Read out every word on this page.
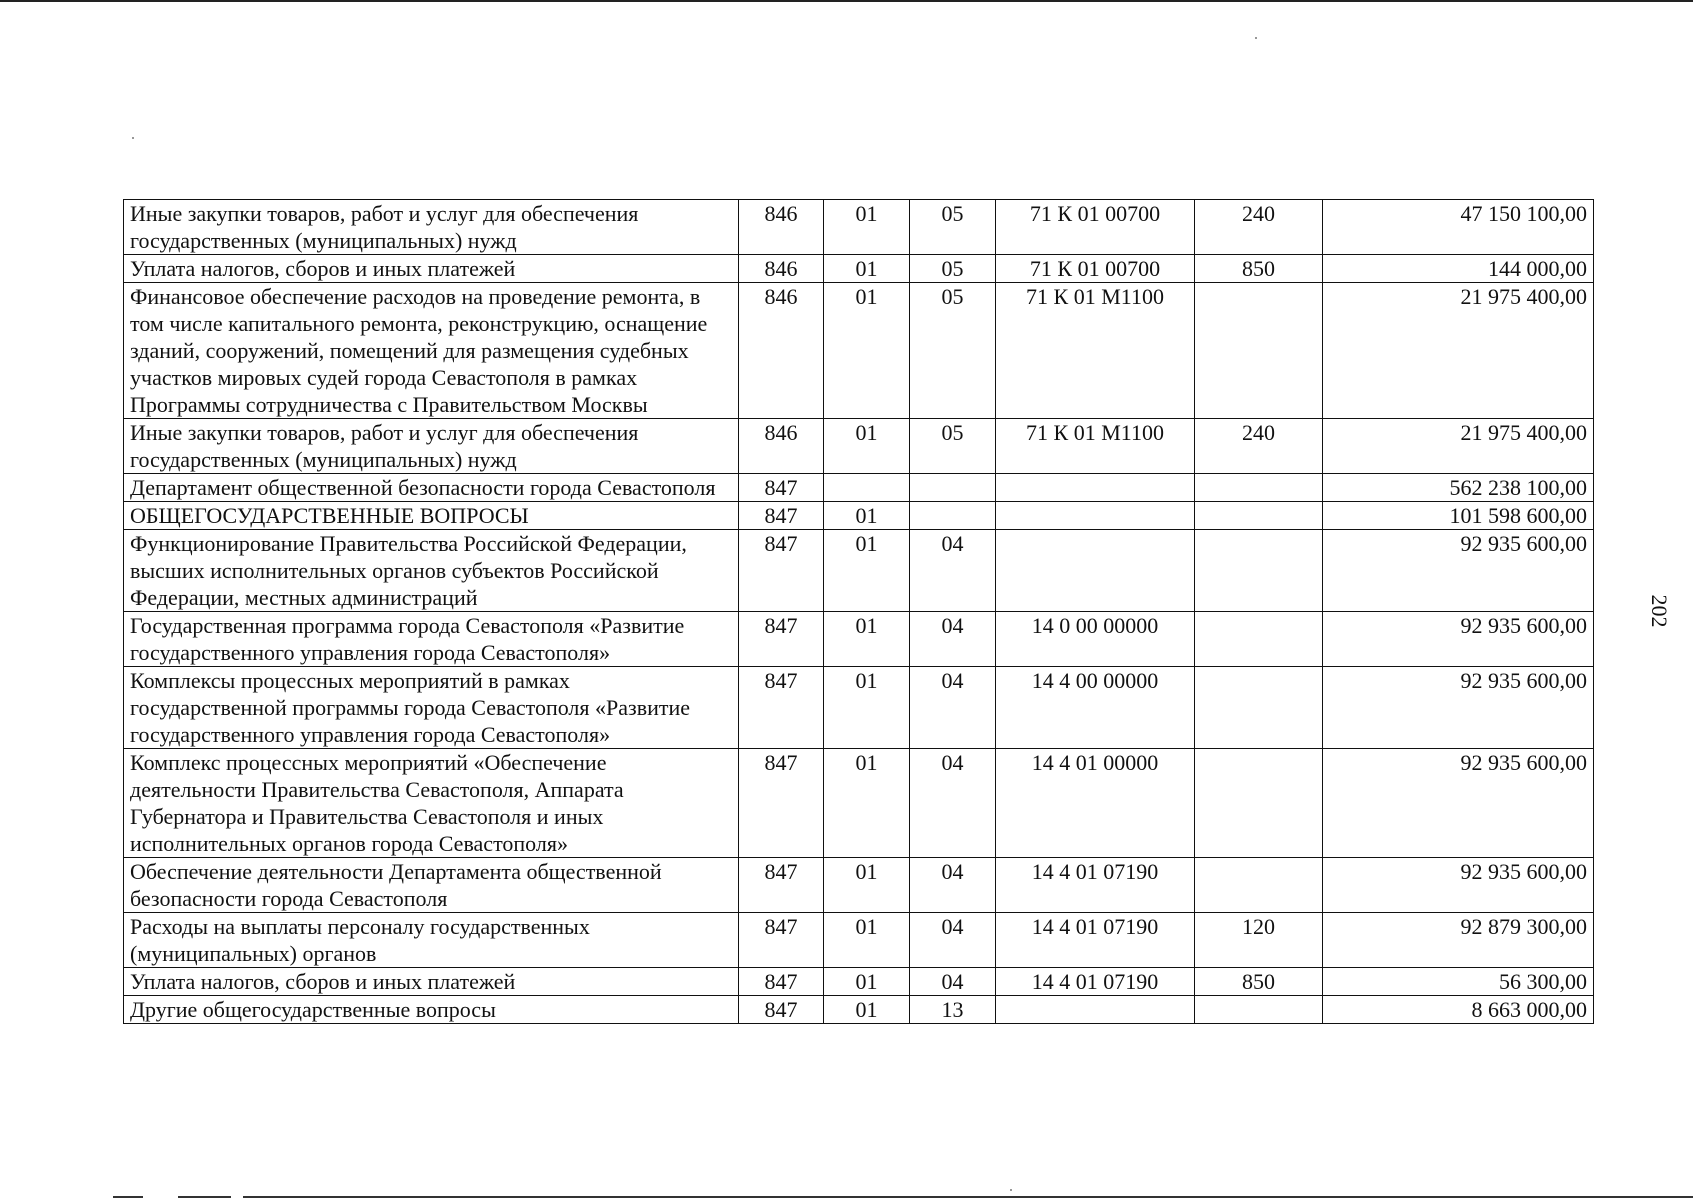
Иные закупки товаров, работ и услуг для обеспечения государственных (муниципальных) нужд	846	01	05	71 К 01 00700	240	47 150 100,00
Уплата налогов, сборов и иных платежей	846	01	05	71 К 01 00700	850	144 000,00
Финансовое обеспечение расходов на проведение ремонта, в том числе капитального ремонта, реконструкцию, оснащение зданий, сооружений, помещений для размещения судебных участков мировых судей города Севастополя в рамках Программы сотрудничества с Правительством Москвы	846	01	05	71 К 01 М1100		21 975 400,00
Иные закупки товаров, работ и услуг для обеспечения государственных (муниципальных) нужд	846	01	05	71 К 01 М1100	240	21 975 400,00
Департамент общественной безопасности города Севастополя	847					562 238 100,00
ОБЩЕГОСУДАРСТВЕННЫЕ ВОПРОСЫ	847	01				101 598 600,00
Функционирование Правительства Российской Федерации, высших исполнительных органов субъектов Российской Федерации, местных администраций	847	01	04			92 935 600,00
Государственная программа города Севастополя «Развитие государственного управления города Севастополя»	847	01	04	14 0 00 00000		92 935 600,00
Комплексы процессных мероприятий в рамках государственной программы города Севастополя «Развитие государственного управления города Севастополя»	847	01	04	14 4 00 00000		92 935 600,00
Комплекс процессных мероприятий «Обеспечение деятельности Правительства Севастополя, Аппарата Губернатора и Правительства Севастополя и иных исполнительных органов города Севастополя»	847	01	04	14 4 01 00000		92 935 600,00
Обеспечение деятельности Департамента общественной безопасности города Севастополя	847	01	04	14 4 01 07190		92 935 600,00
Расходы на выплаты персоналу государственных (муниципальных) органов	847	01	04	14 4 01 07190	120	92 879 300,00
Уплата налогов, сборов и иных платежей	847	01	04	14 4 01 07190	850	56 300,00
Другие общегосударственные вопросы	847	01	13			8 663 000,00
202
